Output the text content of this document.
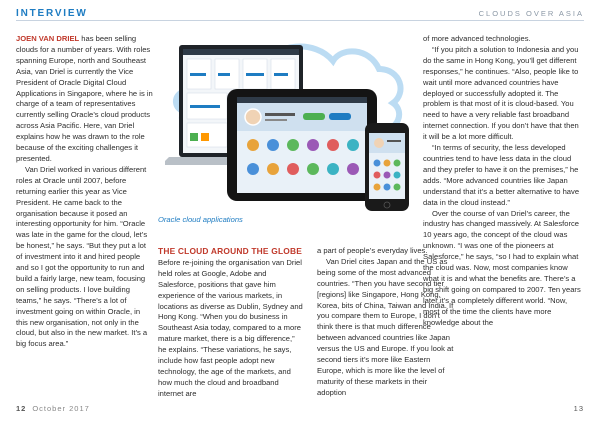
INTERVIEW	CLOUDS OVER ASIA

JOEN VAN DRIEL has been selling clouds for a number of years. With roles spanning Europe, north and Southeast Asia, van Driel is currently the Vice President of Oracle Digital Cloud Applications in Singapore, where he is in charge of a team of representatives currently selling Oracle’s cloud products across Asia Pacific. Here, van Driel explains how he was drawn to the role because of the exciting challenges it presented.

Van Driel worked in various different roles at Oracle until 2007, before returning earlier this year as Vice President. He came back to the organisation because it posed an interesting opportunity for him. “Oracle was late in the game for the cloud, let’s be honest,” he says. “But they put a lot of investment into it and hired people and so I got the opportunity to run and build a fairly large, new team, focusing on selling products. I love building teams,” he says. “There’s a lot of investment going on within Oracle, in this new organisation, not only in the cloud, but also in the new market. It’s a big focus area.”

Oracle cloud applications
THE CLOUD AROUND THE GLOBE

Before re-joining the organisation van Driel held roles at Google, Adobe and Salesforce, positions that gave him experience of the various markets, in locations as diverse as Dublin, Sydney and Hong Kong. “When you do business in Southeast Asia today, compared to a more mature market, there is a big difference,” he explains. “These variations, he says, include how fast people adopt new technology, the age of the markets, and how much the cloud and broadband internet are

a part of people’s everyday lives.

Van Driel cites Japan and the US as being some of the most advanced countries. “Then you have second tier [regions] like Singapore, Hong Kong, Korea, bits of China, Taiwan and India. If you compare them to Europe, I don’t think there is that much difference between advanced countries like Japan versus the US and Europe. If you look at second tiers it’s more like Eastern Europe, which is more like the level of maturity of these markets in their adoption

of more advanced technologies.

“If you pitch a solution to Indonesia and you do the same in Hong Kong, you’ll get different responses,” he continues. “Also, people like to wait until more advanced countries have deployed or successfully adopted it. The problem is that most of it is cloud-based. You need to have a very reliable fast broadband internet connection. If you don’t have that then it will be a lot more difficult.

“In terms of security, the less developed countries tend to have less data in the cloud and they prefer to have it on the premises,” he adds. “More advanced countries like Japan understand that it’s a better alternative to have data in the cloud instead.”

Over the course of van Driel’s career, the industry has changed massively. At Salesforce 10 years ago, the concept of the cloud was unknown. “I was one of the pioneers at Salesforce,” he says, “so I had to explain what the cloud was. Now, most companies know what it is and what the benefits are. There’s a big shift going on compared to 2007. Ten years later it’s a completely different world. “Now, most of the time the clients have more knowledge about the

12 October 2017	13
